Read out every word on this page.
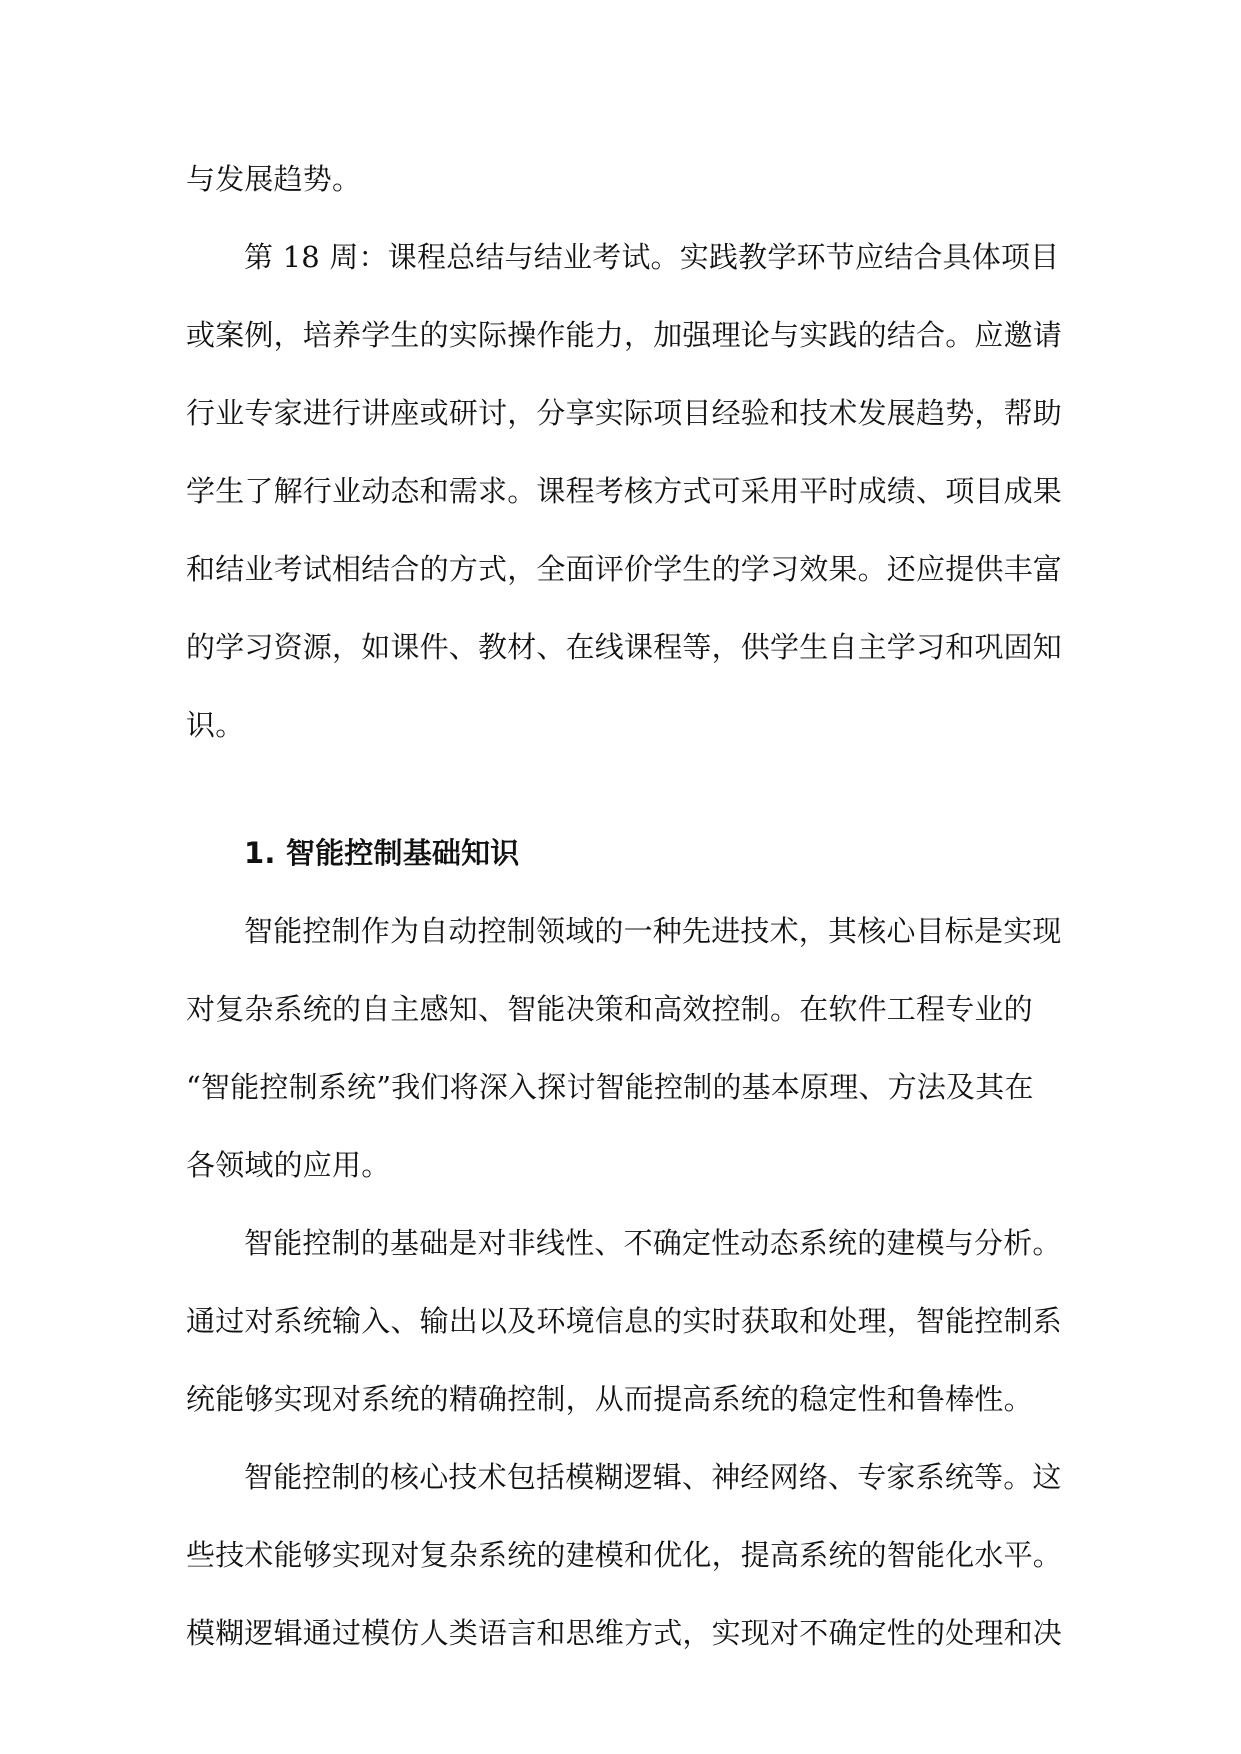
与发展趋势。
第 18 周：课程总结与结业考试。实践教学环节应结合具体项目
或案例，培养学生的实际操作能力，加强理论与实践的结合。应邀请
行业专家进行讲座或研讨，分享实际项目经验和技术发展趋势，帮助
学生了解行业动态和需求。课程考核方式可采用平时成绩、项目成果
和结业考试相结合的方式，全面评价学生的学习效果。还应提供丰富
的学习资源，如课件、教材、在线课程等，供学生自主学习和巩固知
识。
1. 智能控制基础知识
智能控制作为自动控制领域的一种先进技术，其核心目标是实现
对复杂系统的自主感知、智能决策和高效控制。在软件工程专业的
“智能控制系统”我们将深入探讨智能控制的基本原理、方法及其在
各领域的应用。
智能控制的基础是对非线性、不确定性动态系统的建模与分析。
通过对系统输入、输出以及环境信息的实时获取和处理，智能控制系
统能够实现对系统的精确控制，从而提高系统的稳定性和鲁棒性。
智能控制的核心技术包括模糊逻辑、神经网络、专家系统等。这
些技术能够实现对复杂系统的建模和优化，提高系统的智能化水平。
模糊逻辑通过模仿人类语言和思维方式，实现对不确定性的处理和决
